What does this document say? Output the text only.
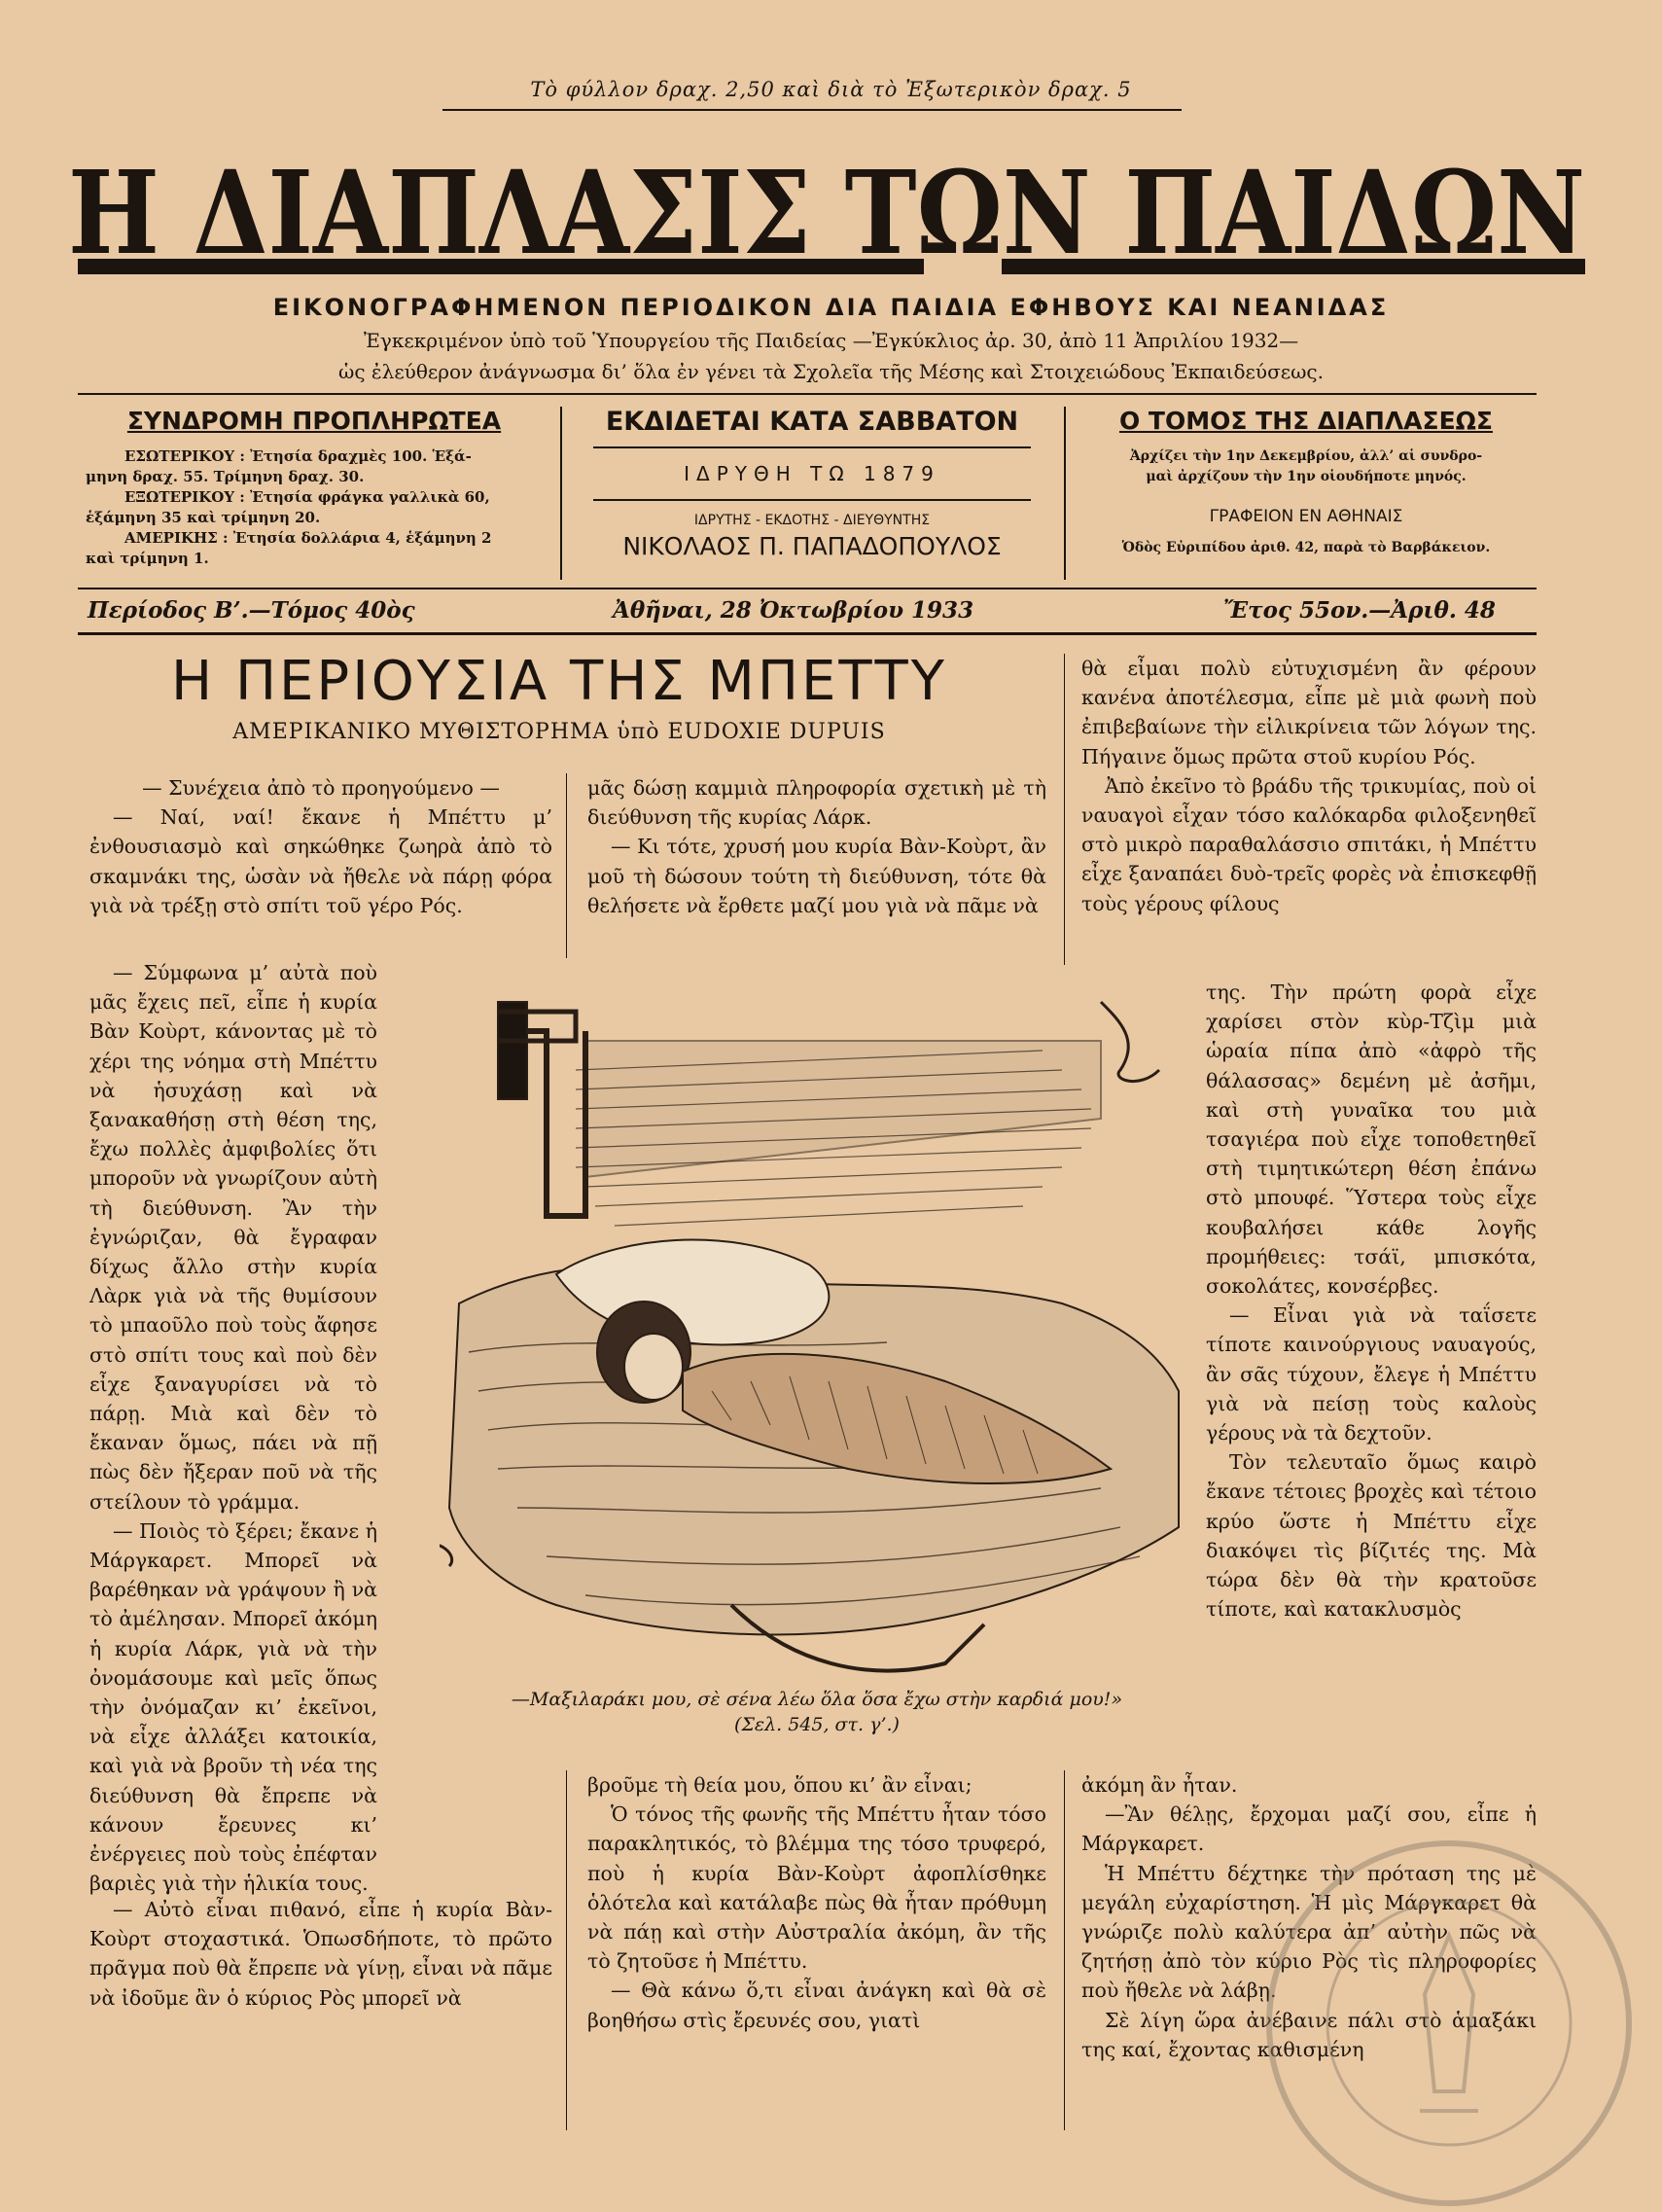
Τὸ φύλλον δραχ. 2,50 καὶ διὰ τὸ Ἐξωτερικὸν δραχ. 5
Η ΔΙΑΠΛΑΣΙΣ ΤΩΝ ΠΑΙΔΩΝ
ΕΙΚΟΝΟΓΡΑΦΗΜΕΝΟΝ ΠΕΡΙΟΔΙΚΟΝ ΔΙΑ ΠΑΙΔΙΑ ΕΦΗΒΟΥΣ ΚΑΙ ΝΕΑΝΙΔΑΣ
Ἐγκεκριμένον ὑπὸ τοῦ Ὑπουργείου τῆς Παιδείας —Ἐγκύκλιος ἀρ. 30, ἀπὸ 11 Ἀπριλίου 1932—
ὡς ἐλεύθερον ἀνάγνωσμα δι’ ὅλα ἐν γένει τὰ Σχολεῖα τῆς Μέσης καὶ Στοιχειώδους Ἐκπαιδεύσεως.
ΣΥΝΔΡΟΜΗ ΠΡΟΠΛΗΡΩΤΕΑ
ΕΣΩΤΕΡΙΚΟΥ : Ἐτησία δραχμὲς 100. Ἑξά-
μηνη δραχ. 55. Τρίμηνη δραχ. 30.
ΕΞΩΤΕΡΙΚΟΥ : Ἐτησία φράγκα γαλλικὰ 60,
ἑξάμηνη 35 καὶ τρίμηνη 20.
ΑΜΕΡΙΚΗΣ : Ἐτησία δολλάρια 4, ἑξάμηνη 2
καὶ τρίμηνη 1.
ΕΚΔΙΔΕΤΑΙ ΚΑΤΑ ΣΑΒΒΑΤΟΝ
ΙΔΡΥΘΗ ΤΩ 1879
ΙΔΡΥΤΗΣ - ΕΚΔΟΤΗΣ - ΔΙΕΥΘΥΝΤΗΣ
ΝΙΚΟΛΑΟΣ Π. ΠΑΠΑΔΟΠΟΥΛΟΣ
Ο ΤΟΜΟΣ ΤΗΣ ΔΙΑΠΛΑΣΕΩΣ
Ἀρχίζει τὴν 1ην Δεκεμβρίου, ἀλλ’ αἱ συνδρο-
μαὶ ἀρχίζουν τὴν 1ην οἱουδήποτε μηνός.
ΓΡΑΦΕΙΟΝ ΕΝ ΑΘΗΝΑΙΣ
Ὁδὸς Εὐριπίδου ἀριθ. 42, παρὰ τὸ Βαρβάκειον.
Περίοδος Β’.—Τόμος 40ὸς	Ἀθῆναι, 28 Ὀκτωβρίου 1933	Ἔτος 55ον.—Ἀριθ. 48
Η ΠΕΡΙΟΥΣΙΑ ΤΗΣ ΜΠΕΤΤΥ
ΑΜΕΡΙΚΑΝΙΚΟ ΜΥΘΙΣΤΟΡΗΜΑ ὑπὸ EUDOXIE DUPUIS

— Συνέχεια ἀπὸ τὸ προηγούμενο —

— Ναί, ναί! ἔκανε ἡ Μπέττυ μ’ ἐνθουσιασμὸ καὶ σηκώθηκε ζωηρὰ ἀπὸ τὸ σκαμνάκι της, ὡσὰν νὰ ἤθελε νὰ πάρῃ φόρα γιὰ νὰ τρέξῃ στὸ σπίτι τοῦ γέρο Ρός.

— Σύμφωνα μ’ αὐτὰ ποὺ μᾶς ἔχεις πεῖ, εἶπε ἡ κυρία Βὰν Κοὺρτ, κάνοντας μὲ τὸ χέρι της νόημα στὴ Μπέττυ νὰ ἡσυχάσῃ καὶ νὰ ξανακαθήσῃ στὴ θέση της, ἔχω πολλὲς ἀμφιβολίες ὅτι μποροῦν νὰ γνωρίζουν αὐτὴ τὴ διεύθυνση. Ἂν τὴν ἐγνώριζαν, θὰ ἔγραφαν δίχως ἄλλο στὴν κυρία Λὰρκ γιὰ νὰ τῆς θυμίσουν τὸ μπαοῦλο ποὺ τοὺς ἄφησε στὸ σπίτι τους καὶ ποὺ δὲν εἶχε ξαναγυρίσει νὰ τὸ πάρῃ. Μιὰ καὶ δὲν τὸ ἔκαναν ὅμως, πάει νὰ πῇ πὼς δὲν ἤξεραν ποῦ νὰ τῆς στείλουν τὸ γράμμα.

— Ποιὸς τὸ ξέρει; ἔκανε ἡ Μάργκαρετ. Μπορεῖ νὰ βαρέθηκαν νὰ γράψουν ἢ νὰ τὸ ἀμέλησαν. Μπορεῖ ἀκόμη ἡ κυρία Λάρκ, γιὰ νὰ τὴν ὀνομάσουμε καὶ μεῖς ὅπως τὴν ὀνόμαζαν κι’ ἐκεῖνοι, νὰ εἶχε ἀλλάξει κατοικία, καὶ γιὰ νὰ βροῦν τὴ νέα της διεύθυνση θὰ ἔπρεπε νὰ κάνουν ἔρευνες κι’ ἐνέργειες ποὺ τοὺς ἐπέφταν βαριὲς γιὰ τὴν ἡλικία τους.

— Αὐτὸ εἶναι πιθανό, εἶπε ἡ κυρία Βὰν-Κοὺρτ στοχαστικά. Ὁπωσδήποτε, τὸ πρῶτο πρᾶγμα ποὺ θὰ ἔπρεπε νὰ γίνῃ, εἶναι νὰ πᾶμε νὰ ἰδοῦμε ἂν ὁ κύριος Ρὸς μπορεῖ νὰ

μᾶς δώσῃ καμμιὰ πληροφορία σχετικὴ μὲ τὴ διεύθυνση τῆς κυρίας Λάρκ.

— Κι τότε, χρυσή μου κυρία Βὰν-Κοὺρτ, ἂν μοῦ τὴ δώσουν τούτη τὴ διεύθυνση, τότε θὰ θελήσετε νὰ ἔρθετε μαζί μου γιὰ νὰ πᾶμε νὰ

θὰ εἶμαι πολὺ εὐτυχισμένη ἂν φέρουν κανένα ἀποτέλεσμα, εἶπε μὲ μιὰ φωνὴ ποὺ ἐπιβεβαίωνε τὴν εἰλικρίνεια τῶν λόγων της. Πήγαινε ὅμως πρῶτα στοῦ κυρίου Ρός.

Ἀπὸ ἐκεῖνο τὸ βράδυ τῆς τρικυμίας, ποὺ οἱ ναυαγοὶ εἶχαν τόσο καλόκαρδα φιλοξενηθεῖ στὸ μικρὸ παραθαλάσσιο σπιτάκι, ἡ Μπέττυ εἶχε ξαναπάει δυὸ-τρεῖς φορὲς νὰ ἐπισκεφθῇ τοὺς γέρους φίλους

της. Τὴν πρώτη φορὰ εἶχε χαρίσει στὸν κὺρ-Τζὶμ μιὰ ὡραία πίπα ἀπὸ «ἀφρὸ τῆς θάλασσας» δεμένη μὲ ἀσῆμι, καὶ στὴ γυναῖκα του μιὰ τσαγιέρα ποὺ εἶχε τοποθετηθεῖ στὴ τιμητικώτερη θέση ἐπάνω στὸ μπουφέ. Ὕστερα τοὺς εἶχε κουβαλήσει κάθε λογῆς προμήθειες: τσάϊ, μπισκότα, σοκολάτες, κονσέρβες.

— Εἶναι γιὰ νὰ ταΐσετε τίποτε καινούργιους ναυαγούς, ἂν σᾶς τύχουν, ἔλεγε ἡ Μπέττυ γιὰ νὰ πείσῃ τοὺς καλοὺς γέρους νὰ τὰ δεχτοῦν.

Τὸν τελευταῖο ὅμως καιρὸ ἔκανε τέτοιες βροχὲς καὶ τέτοιο κρύο ὥστε ἡ Μπέττυ εἶχε διακόψει τὶς βίζιτές της. Μὰ τώρα δὲν θὰ τὴν κρατοῦσε τίποτε, καὶ κατακλυσμὸς

—Μαξιλαράκι μου, σὲ σένα λέω ὅλα ὅσα ἔχω στὴν καρδιά μου!»
(Σελ. 545, στ. γ’.)

βροῦμε τὴ θεία μου, ὅπου κι’ ἂν εἶναι;

Ὁ τόνος τῆς φωνῆς τῆς Μπέττυ ἦταν τόσο παρακλητικός, τὸ βλέμμα της τόσο τρυφερό, ποὺ ἡ κυρία Βὰν-Κοὺρτ ἀφοπλίσθηκε ὁλότελα καὶ κατάλαβε πὼς θὰ ἦταν πρόθυμη νὰ πάῃ καὶ στὴν Αὐστραλία ἀκόμη, ἂν τῆς τὸ ζητοῦσε ἡ Μπέττυ.

— Θὰ κάνω ὅ,τι εἶναι ἀνάγκη καὶ θὰ σὲ βοηθήσω στὶς ἔρευνές σου, γιατὶ

ἀκόμη ἂν ἦταν.

—Ἂν θέλῃς, ἔρχομαι μαζί σου, εἶπε ἡ Μάργκαρετ.

Ἡ Μπέττυ δέχτηκε τὴν πρόταση της μὲ μεγάλη εὐχαρίστηση. Ἡ μὶς Μάργκαρετ θὰ γνώριζε πολὺ καλύτερα ἀπ’ αὐτὴν πῶς νὰ ζητήσῃ ἀπὸ τὸν κύριο Ρὸς τὶς πληροφορίες ποὺ ἤθελε νὰ λάβῃ.

Σὲ λίγη ὥρα ἀνέβαινε πάλι στὸ ἁμαξάκι της καί, ἔχοντας καθισμένη
